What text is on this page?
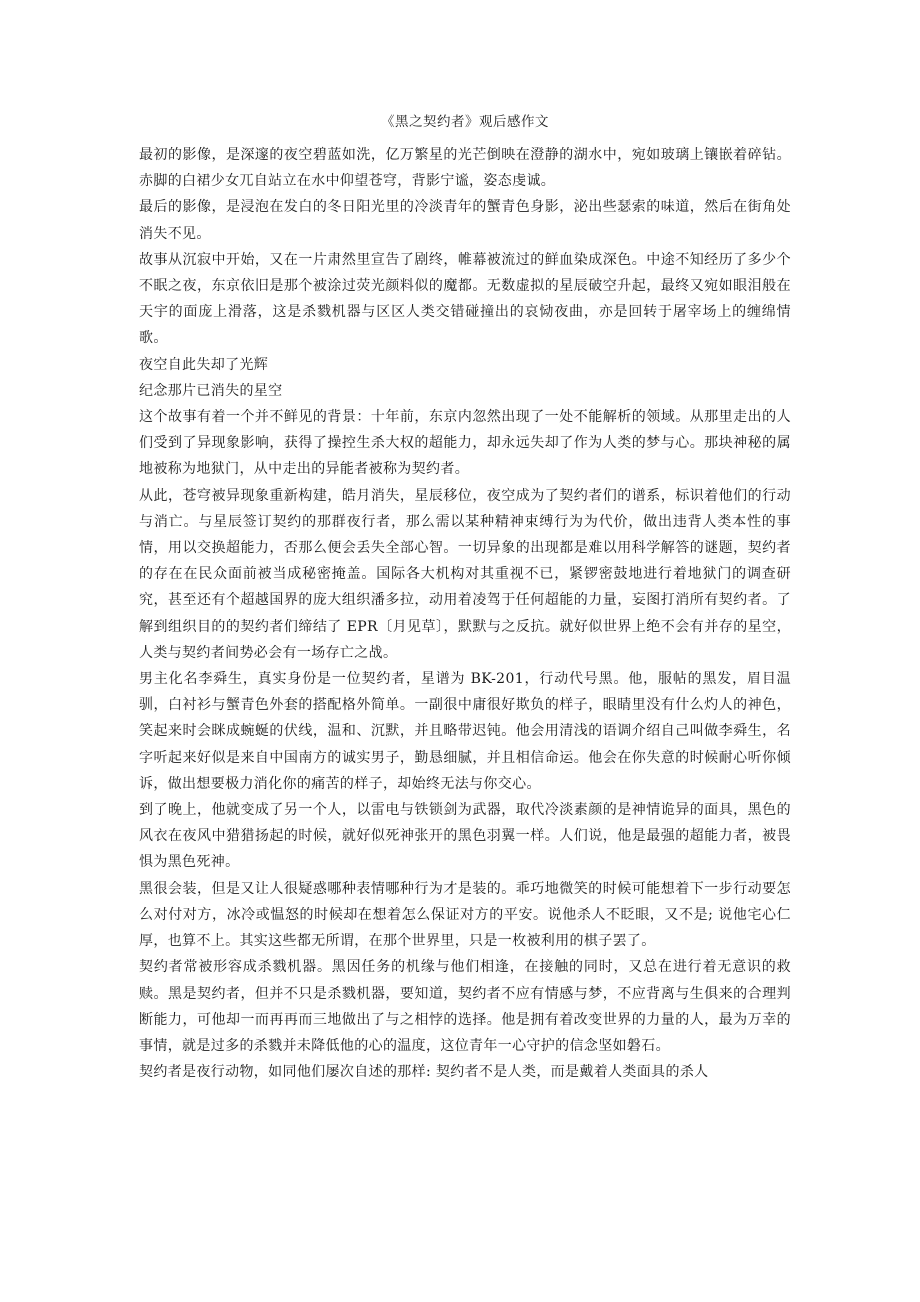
《黑之契约者》观后感作文

最初的影像，是深邃的夜空碧蓝如洗，亿万繁星的光芒倒映在澄静的湖水中，宛如玻璃上镶嵌着碎钻。赤脚的白裙少女兀自站立在水中仰望苍穹，背影宁谧，姿态虔诚。

最后的影像，是浸泡在发白的冬日阳光里的冷淡青年的蟹青色身影，泌出些瑟索的味道，然后在街角处消失不见。

故事从沉寂中开始，又在一片肃然里宣告了剧终，帷幕被流过的鲜血染成深色。中途不知经历了多少个不眠之夜，东京依旧是那个被涂过荧光颜料似的魔都。无数虚拟的星辰破空升起，最终又宛如眼泪般在天宇的面庞上滑落，这是杀戮机器与区区人类交错碰撞出的哀恸夜曲，亦是回转于屠宰场上的缠绵情歌。

夜空自此失却了光辉

纪念那片已消失的星空

这个故事有着一个并不鲜见的背景：十年前，东京内忽然出现了一处不能解析的领域。从那里走出的人们受到了异现象影响，获得了操控生杀大权的超能力，却永远失却了作为人类的梦与心。那块神秘的属地被称为地狱门，从中走出的异能者被称为契约者。

从此，苍穹被异现象重新构建，皓月消失，星辰移位，夜空成为了契约者们的谱系，标识着他们的行动与消亡。与星辰签订契约的那群夜行者，那么需以某种精神束缚行为为代价，做出违背人类本性的事情，用以交换超能力，否那么便会丢失全部心智。一切异象的出现都是难以用科学解答的谜题，契约者的存在在民众面前被当成秘密掩盖。国际各大机构对其重视不已，紧锣密鼓地进行着地狱门的调查研究，甚至还有个超越国界的庞大组织潘多拉，动用着凌驾于任何超能的力量，妄图打消所有契约者。了解到组织目的的契约者们缔结了 EPR〔月见草〕，默默与之反抗。就好似世界上绝不会有并存的星空，人类与契约者间势必会有一场存亡之战。

男主化名李舜生，真实身份是一位契约者，星谱为 BK-201，行动代号黑。他，服帖的黑发，眉目温驯，白衬衫与蟹青色外套的搭配格外简单。一副很中庸很好欺负的样子，眼睛里没有什么灼人的神色，笑起来时会眯成蜿蜒的伏线，温和、沉默，并且略带迟钝。他会用清浅的语调介绍自己叫做李舜生，名字听起来好似是来自中国南方的诚实男子，勤恳细腻，并且相信命运。他会在你失意的时候耐心听你倾诉，做出想要极力消化你的痛苦的样子，却始终无法与你交心。

到了晚上，他就变成了另一个人，以雷电与铁锁剑为武器，取代冷淡素颜的是神情诡异的面具，黑色的风衣在夜风中猎猎扬起的时候，就好似死神张开的黑色羽翼一样。人们说，他是最强的超能力者，被畏惧为黑色死神。

黑很会装，但是又让人很疑惑哪种表情哪种行为才是装的。乖巧地微笑的时候可能想着下一步行动要怎么对付对方，冰冷或愠怒的时候却在想着怎么保证对方的平安。说他杀人不眨眼，又不是; 说他宅心仁厚，也算不上。其实这些都无所谓，在那个世界里，只是一枚被利用的棋子罢了。

契约者常被形容成杀戮机器。黑因任务的机缘与他们相逢，在接触的同时，又总在进行着无意识的救赎。黑是契约者，但并不只是杀戮机器，要知道，契约者不应有情感与梦，不应背离与生俱来的合理判断能力，可他却一而再再而三地做出了与之相悖的选择。他是拥有着改变世界的力量的人，最为万幸的事情，就是过多的杀戮并未降低他的心的温度，这位青年一心守护的信念坚如磐石。

契约者是夜行动物，如同他们屡次自述的那样: 契约者不是人类，而是戴着人类面具的杀人
